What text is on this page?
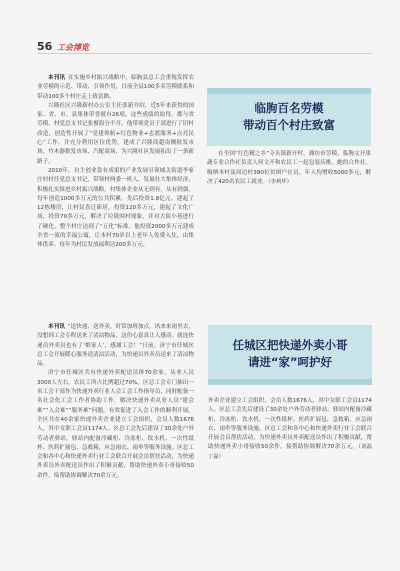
56 工会博览

本刊讯  在实施乡村振兴战略中，临朐县总工会重视发挥农业劳模的示范、带动、引领作用，目前全县100多名劳模联系和带动100多个村庄走上致富路。

兴隆社区兴隆新村办公室主任张新介绍，近5年来获得的国家、省、市、县集体荣誉就有26项。这些成绩的取得，都与省劳模、村党总支书记张俊海分不开。他带领党员干部进行了旧村改造，创造性开展了“党建领航+红色物业+志愿服务+点亮民心”工作，并充分利用区位优势，建成了兴隆商超南侧批发市场、竹木器批发市场、汽配商场，为兴隆社区发展拓出了一条新路子。

2010年，自主创业靠有成果的产业发展引领城关街道李家庄村村任党总支书记，带领村两委一班人，发展壮大集体经济，积极扎实推进乡村振兴战略。村集体企业从无到有，从有到强，每年创造1000多万元的公共积累。先后投资1.8亿元，建起了12栋楼房，让村民喜迁新居，投资120多万元，建起了文化广场，投资70多万元，解决了垃圾围村现象，并对大街小巷进行了硬化，整个村庄达到了“五化”标准。他投资2000多万元建成全省一流的幸福公寓，让本村70岁以上老年人免费入住，由集体供养。每年为村民发放福利达200多万元。

临朐百名劳模
带动百个村庄致富

在全国“红色精之乡”寺头镇新开村，潍坊市劳模、临朐文开果蔬专业合作社负责人何文开和农民工一起包装庆桃。她的合作社，吸纳本村及周边村380位贫困户社员，年人均增收5000多元，解决了420名农民工就业。（李利华）

任城区把快递外卖小哥
请进“家”呵护好

本刊讯  “送快递、送外卖，时常加班加点，风来来雨里去，没想到工会专程送来了清凉物品，这份心意真让人感动。就连快递员外卖员也有了‘娘家人’，感谢工会！”日前，济宁市任城区总工会开展暖心服务送清凉活动，为快递员外卖员送来了清凉物品。

济宁市任城区共有快递外卖配送员体70余家，从业人员3000人左右，农民工所占比例超过70%。区总工会专门抽出一名工会干部作为快递外卖行业人会工会工作指导员，同时配备一名社会化工会工作者协助工作，解决快递外卖从业人员“建会难”“入会难”“服务难”问题，有效促进了入会工作的顺利开展。全区共在40余家快递外卖企业建立工会组织，会员人数1676人，其中女职工会员1174人。区总工会先后建设了30余处户外劳动者驿站，驿站内配备冷藏柜、冷冻柜、饮水机、一次性纸杯、医药扩展包、急救箱、应急雨衣、雨伞等服务设施。区总工会和各中心和快递外卖行业工会联合开展会员帮扶活动，为快递外卖员外卖配送员作出了积极贡献，帮助快递外卖小哥接收50余件，接帮助协调解决70余万元。

外卖企业建立工会组织，会员人数1676人，其中女职工会员1174人。区总工会先后建设了30余处户外劳动者驿站，驿站内配备冷藏柜、冷冻柜、饮水机、一次性纸杯、医药扩展包、急救箱、应急雨衣、雨伞等服务设施。区总工会和各中心和快递外卖行业工会联合开展会员帮扶活动，为快递外卖员外卖配送员作出了积极贡献，帮助快递外卖小哥接收50余件，接帮助协调解决70余万元。（刘磊　丁磊）
